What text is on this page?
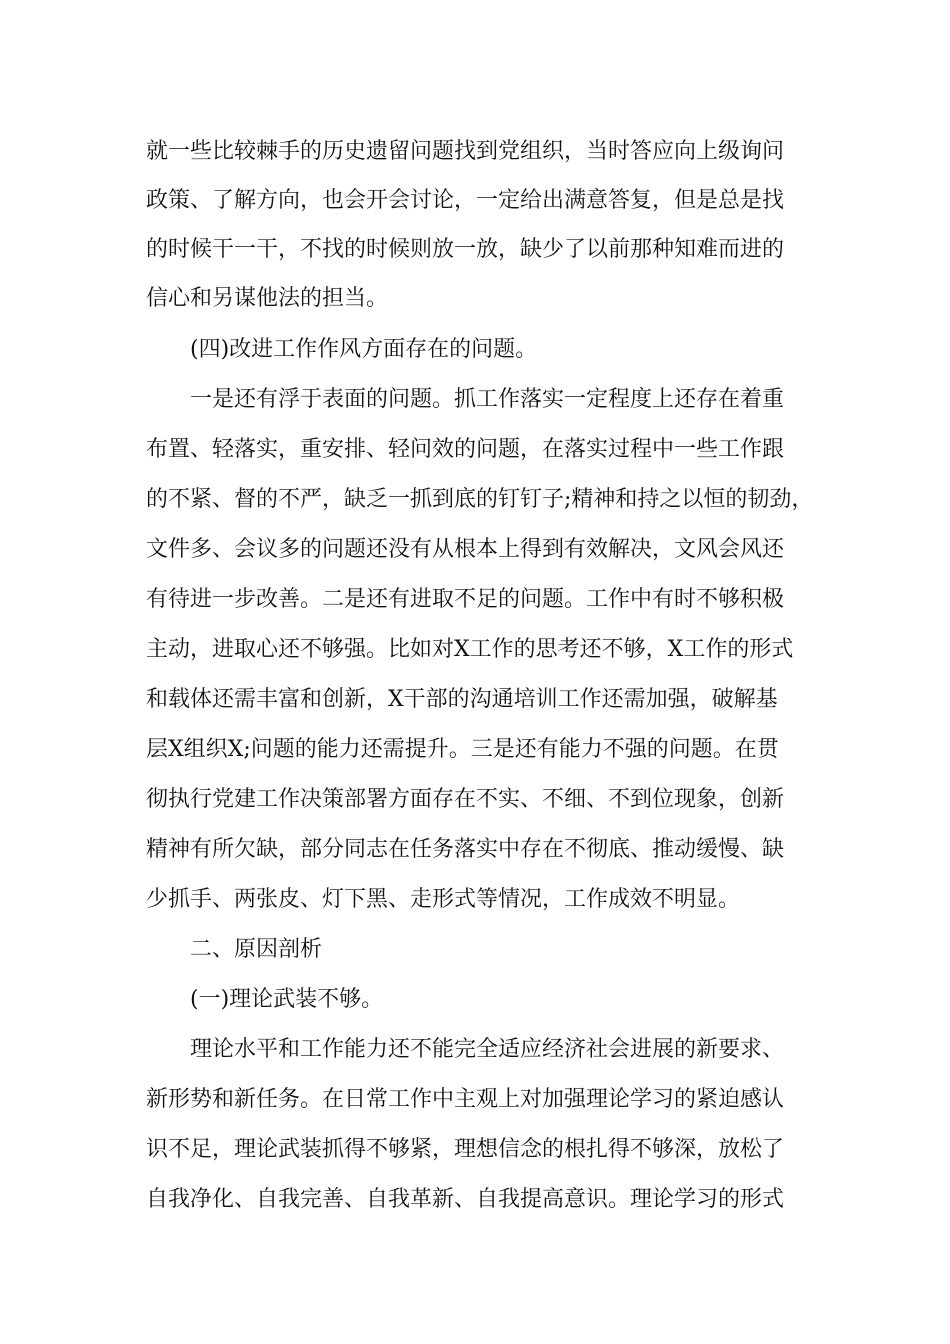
就一些比较棘手的历史遗留问题找到党组织，当时答应向上级询问
政策、了解方向，也会开会讨论，一定给出满意答复，但是总是找
的时候干一干，不找的时候则放一放，缺少了以前那种知难而进的
信心和另谋他法的担当。
(四)改进工作作风方面存在的问题。
一是还有浮于表面的问题。抓工作落实一定程度上还存在着重
布置、轻落实，重安排、轻问效的问题，在落实过程中一些工作跟
的不紧、督的不严，缺乏一抓到底的钉钉子;精神和持之以恒的韧劲，
文件多、会议多的问题还没有从根本上得到有效解决，文风会风还
有待进一步改善。二是还有进取不足的问题。工作中有时不够积极
主动，进取心还不够强。比如对X工作的思考还不够，X工作的形式
和载体还需丰富和创新，X干部的沟通培训工作还需加强，破解基
层X组织X;问题的能力还需提升。三是还有能力不强的问题。在贯
彻执行党建工作决策部署方面存在不实、不细、不到位现象，创新
精神有所欠缺，部分同志在任务落实中存在不彻底、推动缓慢、缺
少抓手、两张皮、灯下黑、走形式等情况，工作成效不明显。
二、原因剖析
(一)理论武装不够。
理论水平和工作能力还不能完全适应经济社会进展的新要求、
新形势和新任务。在日常工作中主观上对加强理论学习的紧迫感认
识不足，理论武装抓得不够紧，理想信念的根扎得不够深，放松了
自我净化、自我完善、自我革新、自我提高意识。理论学习的形式
